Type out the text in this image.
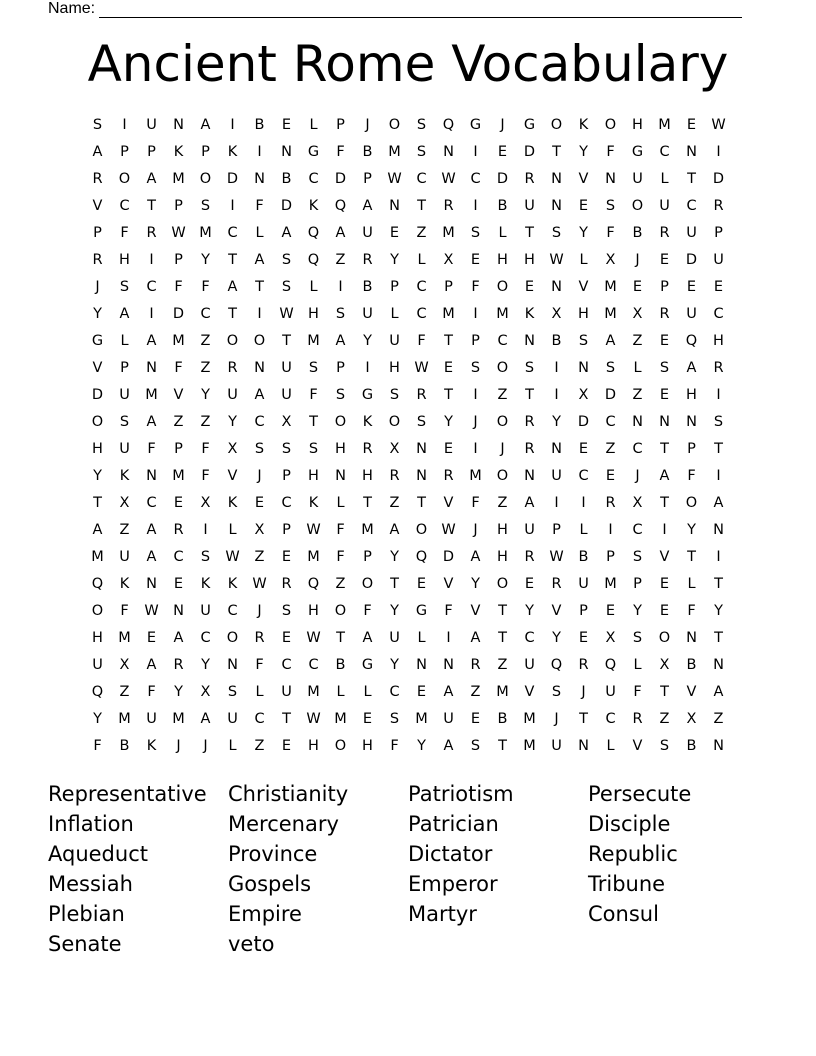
Name:
Ancient Rome Vocabulary
S	I	U	N	A	I	B	E	L	P	J	O	S	Q	G	J	G	O	K	O	H	M	E	W
A	P	P	K	P	K	I	N	G	F	B	M	S	N	I	E	D	T	Y	F	G	C	N	I
R	O	A	M	O	D	N	B	C	D	P	W	C	W	C	D	R	N	V	N	U	L	T	D
V	C	T	P	S	I	F	D	K	Q	A	N	T	R	I	B	U	N	E	S	O	U	C	R
P	F	R	W M	C	L	A	Q	A	U	E	Z	M	S	L	T	S	Y	F	B	R	U	P
R	H	I	P	Y	T	A	S	Q	Z	R	Y	L	X	E	H	H W	L	X	J	E	D	U
J	S	C	F	F	A	T	S	L	I	B	P	C	P	F	O	E	N	V	M	E	P	E	E
Y	A	I	D	C	T	I	W H	S	U	L	C	M	I	M	K	X	H	M	X	R	U	C
G	L	A	M	Z	O	O	T	M	A	Y	U	F	T	P	C	N	B	S	A	Z	E	Q	H
V	P	N	F	Z	R	N	U	S	P	I	H W	E	S	O	S	I	N	S	L	S	A	R
D	U	M	V	Y	U	A	U	F	S	G	S	R	T	I	Z	T	I	X	D	Z	E	H	I
O	S	A	Z	Z	Y	C	X	T	O	K	O	S	Y	J	O	R	Y	D	C	N	N	N	S
H	U	F	P	F	X	S	S	S	H	R	X	N	E	I	J	R	N	E	Z	C	T	P	T
Y	K	N	M	F	V	J	P	H	N	H	R	N	R	M	O	N	U	C	E	J	A	F	I
T	X	C	E	X	K	E	C	K	L	T	Z	T	V	F	Z	A	I	I	R	X	T	O	A
A	Z	A	R	I	L	X	P	W	F	M	A	O W	J	H	U	P	L	I	C	I	Y	N
M	U	A	C	S	W	Z	E	M	F	P	Y	Q	D	A	H	R	W	B	P	S	V	T	I
Q	K	N	E	K	K	W	R	Q	Z	O	T	E	V	Y	O	E	R	U	M	P	E	L	T
O	F	W N	U	C	J	S	H	O	F	Y	G	F	V	T	Y	V	P	E	Y	E	F	Y
H	M	E	A	C	O	R	E	W	T	A	U	L	I	A	T	C	Y	E	X	S	O	N	T
U	X	A	R	Y	N	F	C	C	B	G	Y	N	N	R	Z	U	Q	R	Q	L	X	B	N
Q	Z	F	Y	X	S	L	U	M	L	L	C	E	A	Z	M	V	S	J	U	F	T	V	A
Y	M	U	M	A	U	C	T	W M	E	S	M	U	E	B	M	J	T	C	R	Z	X	Z
F	B	K	J	J	L	Z	E	H	O	H	F	Y	A	S	T	M	U	N	L	V	S	B	N
Representative	Christianity	Patriotism	Persecute
Inflation	Mercenary	Patrician	Disciple
Aqueduct	Province	Dictator	Republic
Messiah	Gospels	Emperor	Tribune
Plebian	Empire	Martyr	Consul
Senate	veto
